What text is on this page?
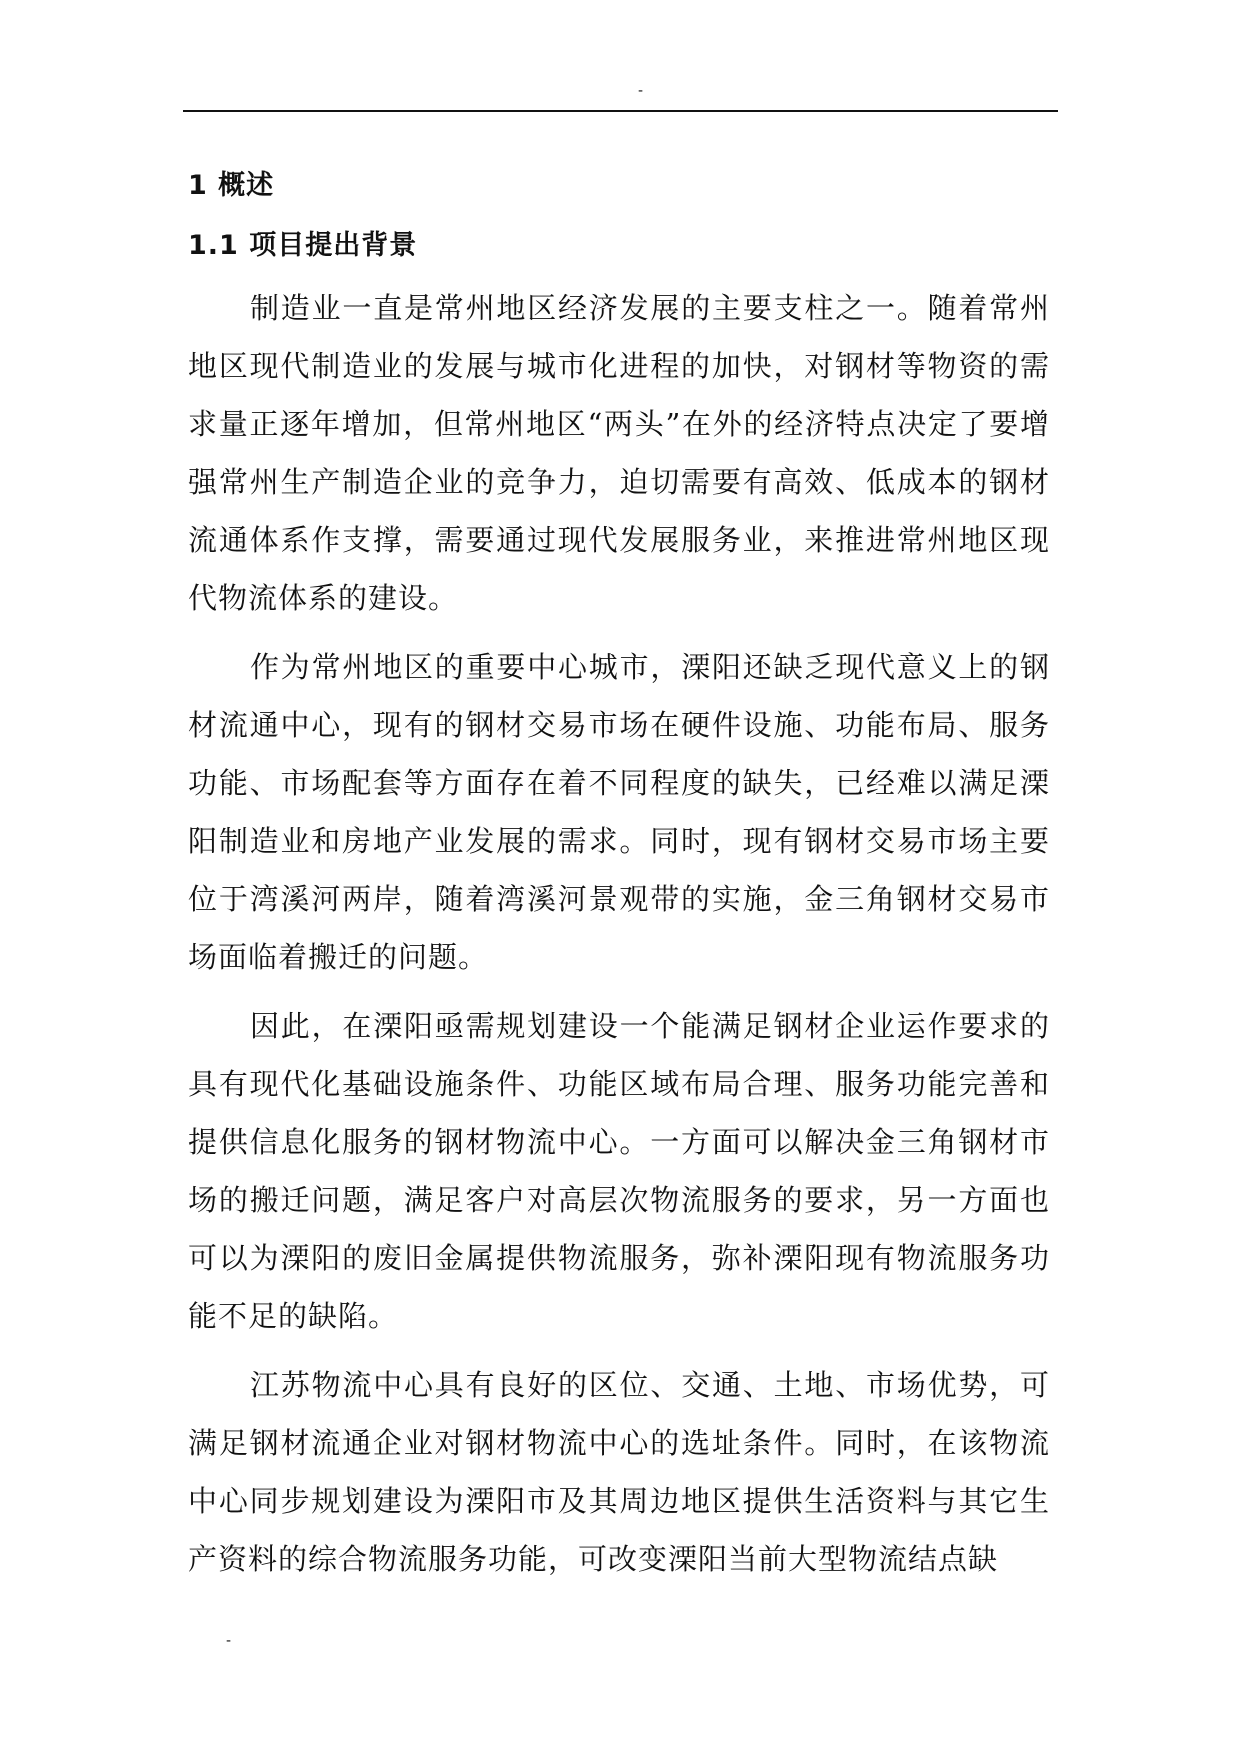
-
1 概述
1.1 项目提出背景

制造业一直是常州地区经济发展的主要支柱之一。随着常州地区现代制造业的发展与城市化进程的加快，对钢材等物资的需求量正逐年增加，但常州地区“两头”在外的经济特点决定了要增强常州生产制造企业的竞争力，迫切需要有高效、低成本的钢材流通体系作支撑，需要通过现代发展服务业，来推进常州地区现代物流体系的建设。

作为常州地区的重要中心城市，溧阳还缺乏现代意义上的钢材流通中心，现有的钢材交易市场在硬件设施、功能布局、服务功能、市场配套等方面存在着不同程度的缺失，已经难以满足溧阳制造业和房地产业发展的需求。同时，现有钢材交易市场主要位于湾溪河两岸，随着湾溪河景观带的实施，金三角钢材交易市场面临着搬迁的问题。

因此，在溧阳亟需规划建设一个能满足钢材企业运作要求的具有现代化基础设施条件、功能区域布局合理、服务功能完善和提供信息化服务的钢材物流中心。一方面可以解决金三角钢材市场的搬迁问题，满足客户对高层次物流服务的要求，另一方面也可以为溧阳的废旧金属提供物流服务，弥补溧阳现有物流服务功能不足的缺陷。

江苏物流中心具有良好的区位、交通、土地、市场优势，可满足钢材流通企业对钢材物流中心的选址条件。同时，在该物流中心同步规划建设为溧阳市及其周边地区提供生活资料与其它生产资料的综合物流服务功能，可改变溧阳当前大型物流结点缺

-
